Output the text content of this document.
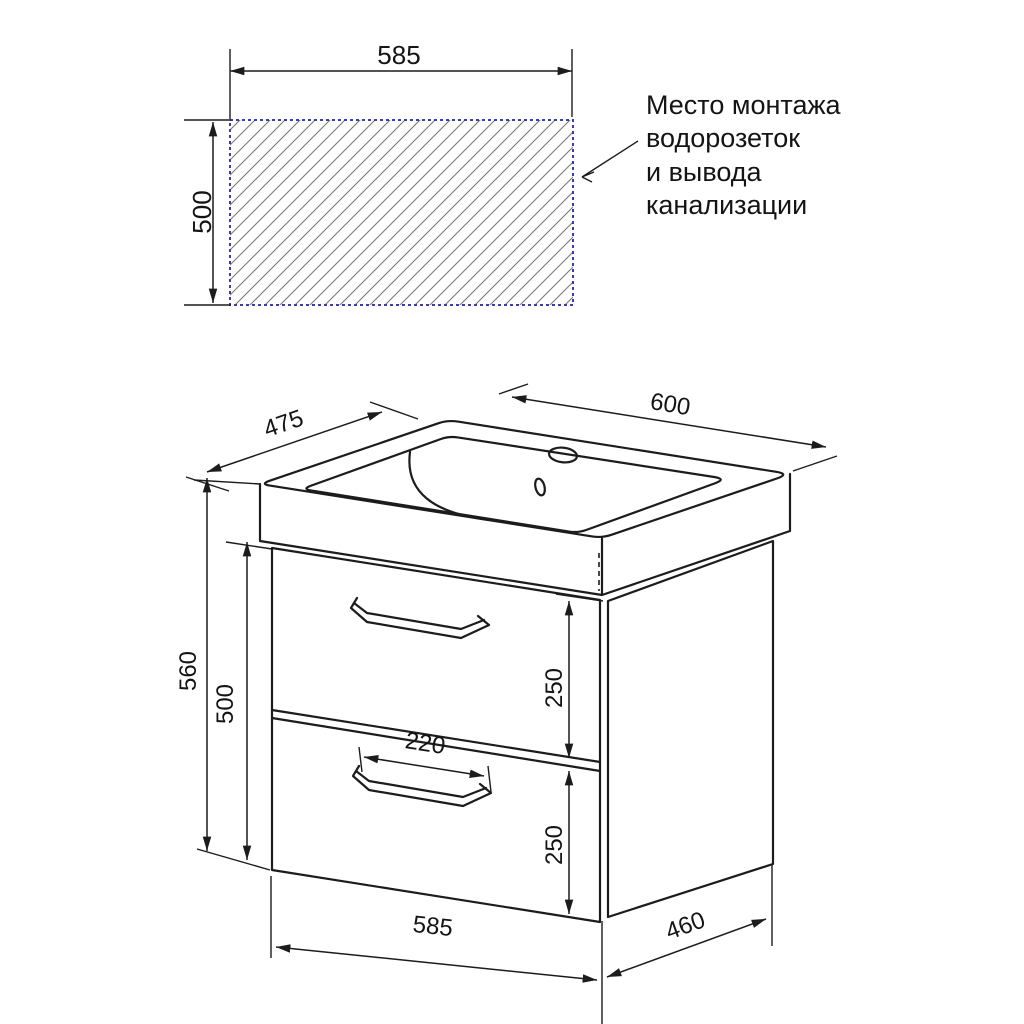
585
500
Место монтажа
водорозеток
и вывода
канализации
475
600
560
500	250
250
220
585	460
